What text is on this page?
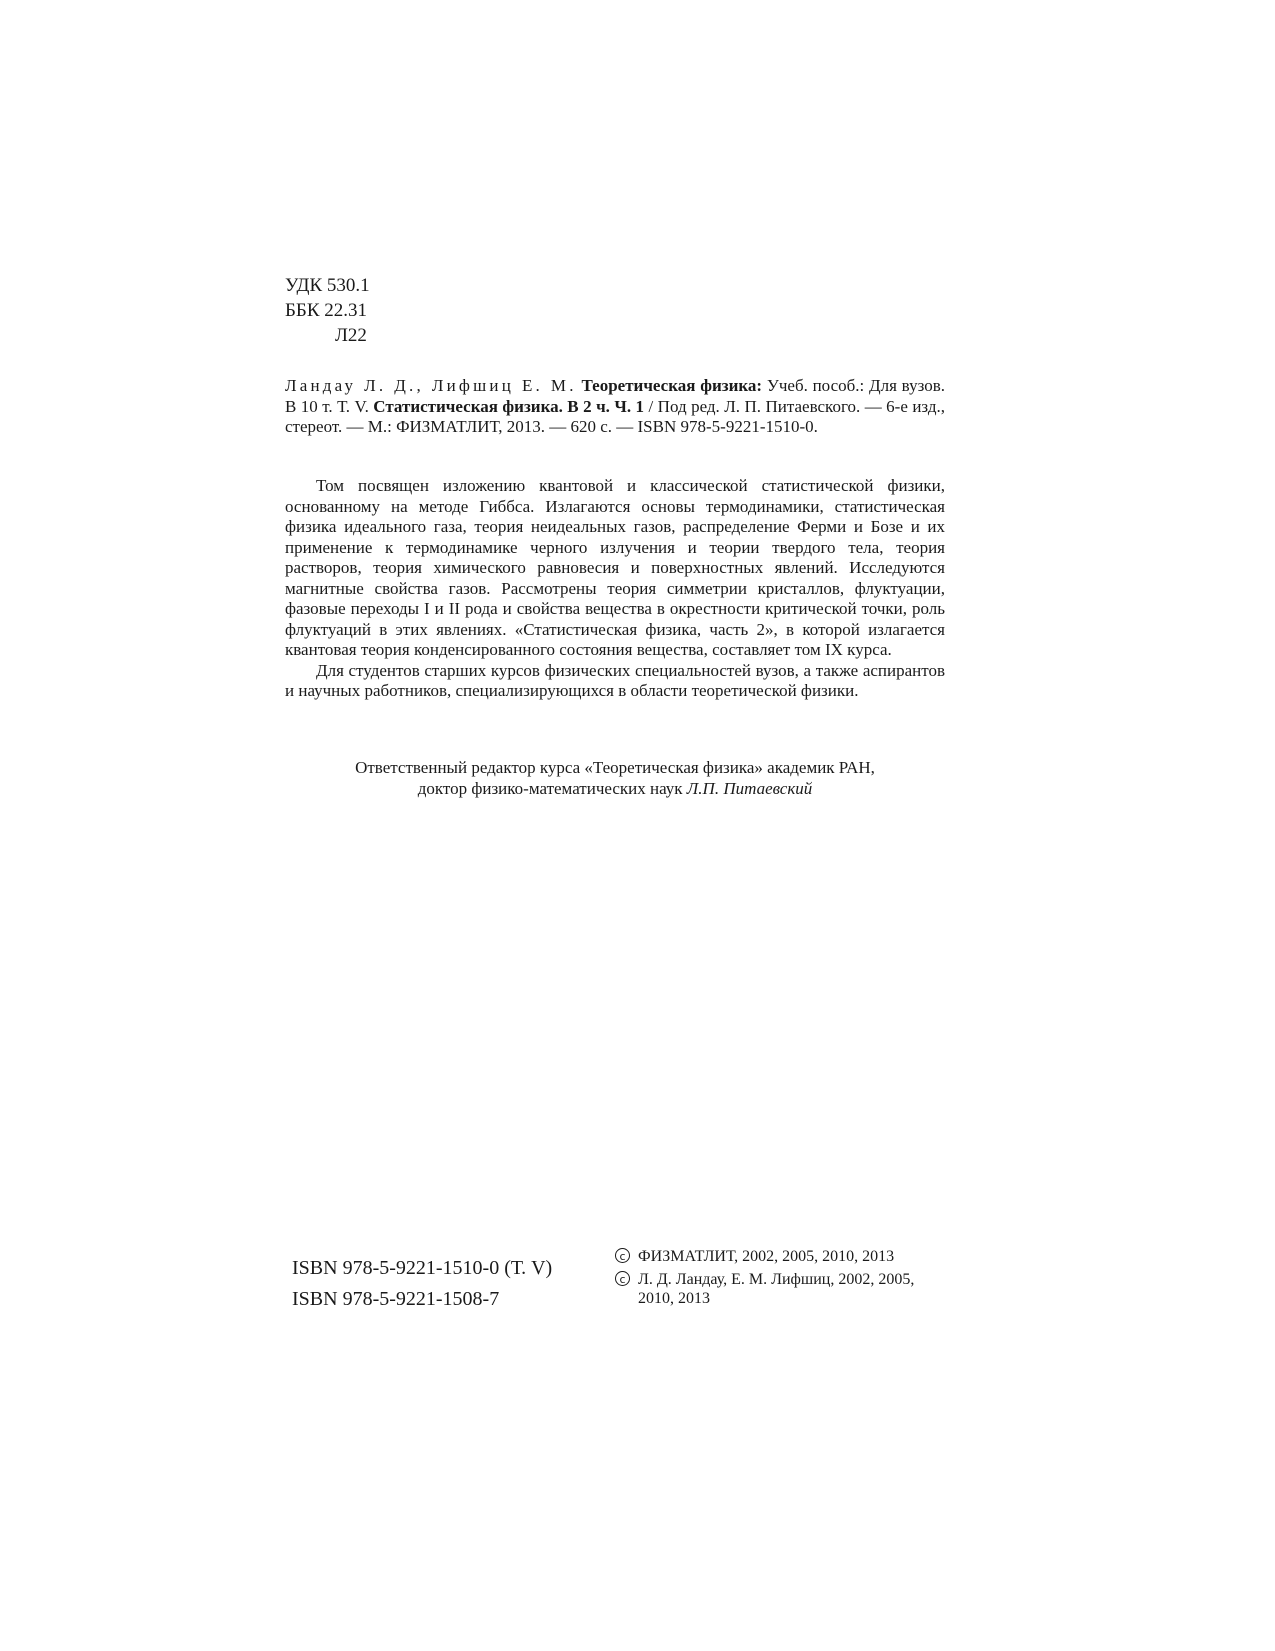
УДК 530.1
ББК 22.31
Л22

Ландау Л. Д., Лифшиц Е. М. Теоретическая физика: Учеб. пособ.: Для вузов. В 10 т. Т. V. Статистическая физика. В 2 ч. Ч. 1 / Под ред. Л. П. Питаевского. — 6-е изд., стереот. — М.: ФИЗМАТЛИТ, 2013. — 620 с. — ISBN 978-5-9221-1510-0.

Том посвящен изложению квантовой и классической статистической физики, основанному на методе Гиббса. Излагаются основы термодинамики, статистическая физика идеального газа, теория неидеальных газов, распределение Ферми и Бозе и их применение к термодинамике черного излучения и теории твердого тела, теория растворов, теория химического равновесия и поверхностных явлений. Исследуются магнитные свойства газов. Рассмотрены теория симметрии кристаллов, флуктуации, фазовые переходы I и II рода и свойства вещества в окрестности критической точки, роль флуктуаций в этих явлениях. «Статистическая физика, часть 2», в которой излагается квантовая теория конденсированного состояния вещества, составляет том IX курса.

Для студентов старших курсов физических специальностей вузов, а также аспирантов и научных работников, специализирующихся в области теоретической физики.

Ответственный редактор курса «Теоретическая физика» академик РАН,
доктор физико-математических наук Л.П. Питаевский
ISBN 978-5-9221-1510-0 (Т. V)
ISBN 978-5-9221-1508-7
c ФИЗМАТЛИТ, 2002, 2005, 2010, 2013
c Л. Д. Ландау, Е. М. Лифшиц, 2002, 2005, 2010, 2013
